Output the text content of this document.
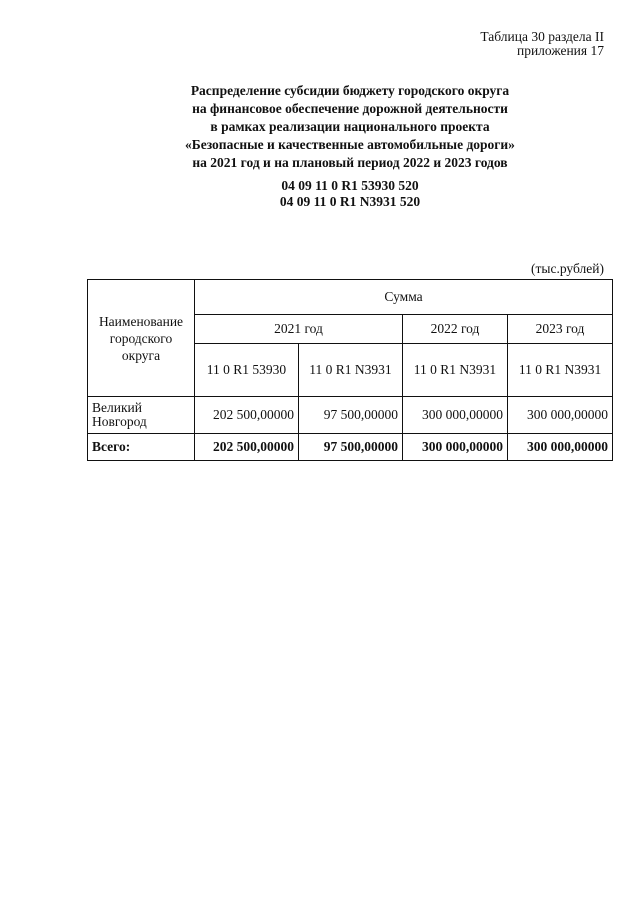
Таблица 30 раздела II
приложения 17
Распределение субсидии бюджету городского округа
на финансовое обеспечение дорожной деятельности
в рамках реализации национального проекта
«Безопасные и качественные автомобильные дороги»
на 2021 год и на плановый период 2022 и 2023 годов
04 09 11 0 R1 53930 520
04 09 11 0 R1 N3931 520
(тыс.рублей)
Наименование
городского
округа	Сумма			
	2021 год		2022 год	2023 год
	11 0 R1 53930	11 0 R1 N3931	11 0 R1 N3931	11 0 R1 N3931

Великий
Новгород	202 500,00000	97 500,00000	300 000,00000	300 000,00000
Всего:	202 500,00000	97 500,00000	300 000,00000	300 000,00000
